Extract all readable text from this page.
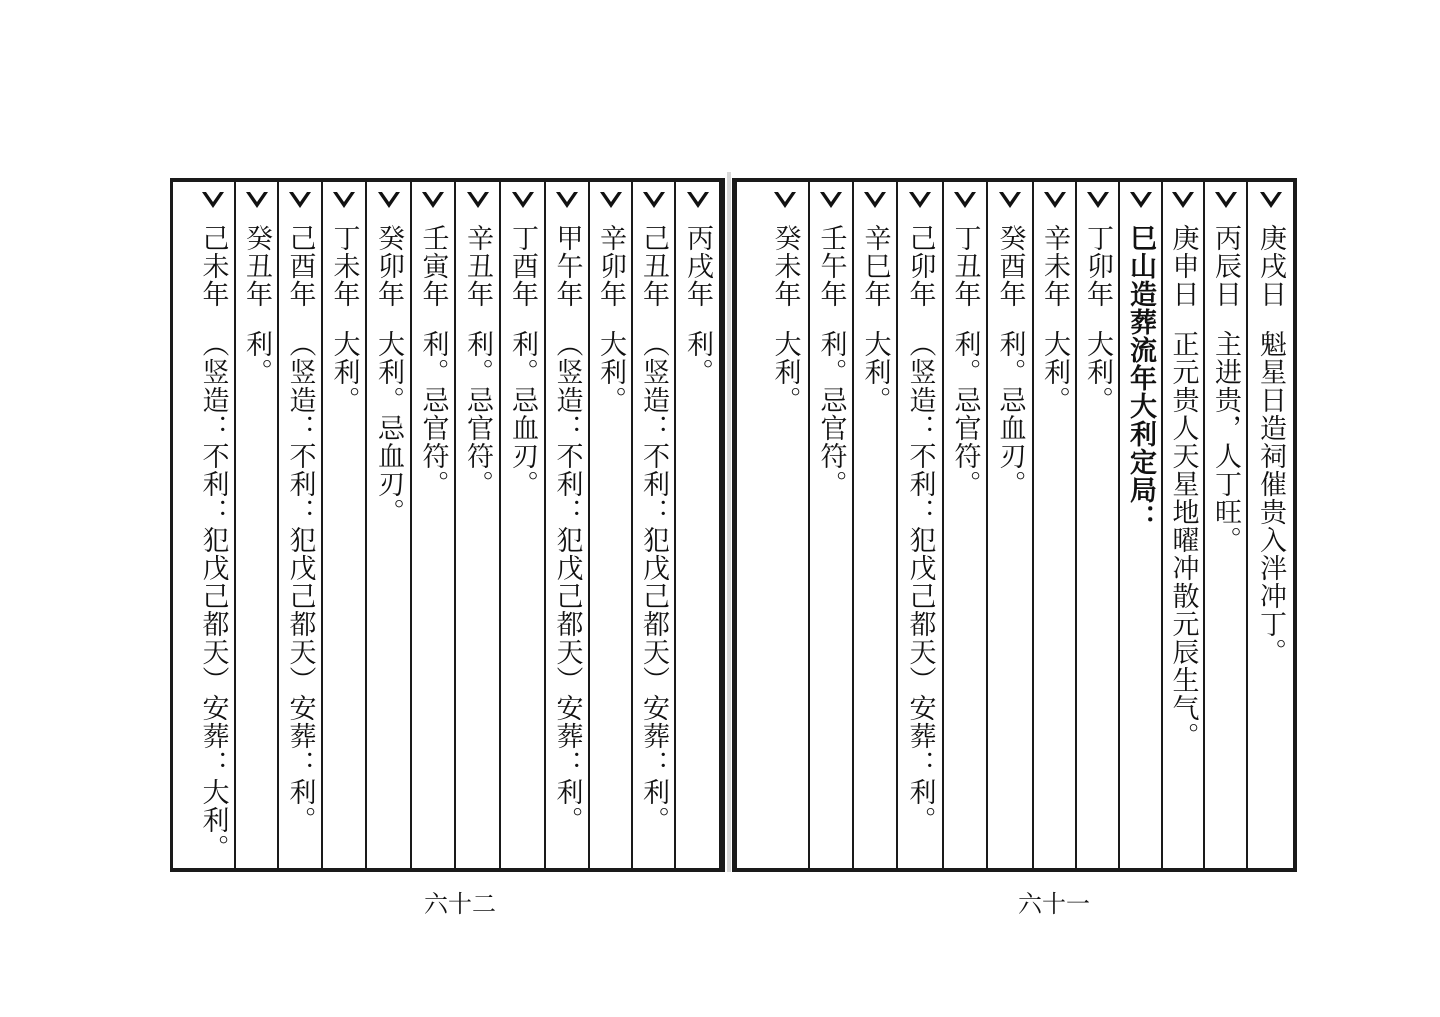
庚戌日魁星日造祠催贵入泮冲丁。
丙辰日主进贵，人丁旺。
庚申日正元贵人天星地曜冲散元辰生气。
巳山造葬流年大利定局：
丁卯年大利。
辛未年大利。
癸酉年利。忌血刃。
丁丑年利。忌官符。
己卯年（竖造：不利：犯戊己都天）安葬：利。
辛巳年大利。
壬午年利。忌官符。
癸未年大利。
丙戌年利。
己丑年（竖造：不利：犯戊己都天）安葬：利。
辛卯年大利。
甲午年（竖造：不利：犯戊己都天）安葬：利。
丁酉年利。忌血刃。
辛丑年利。忌官符。
壬寅年利。忌官符。
癸卯年大利。忌血刃。
丁未年大利。
己酉年（竖造：不利：犯戊己都天）安葬：利。
癸丑年利。
己未年（竖造：不利：犯戊己都天）安葬：大利。
六十一
六十二
